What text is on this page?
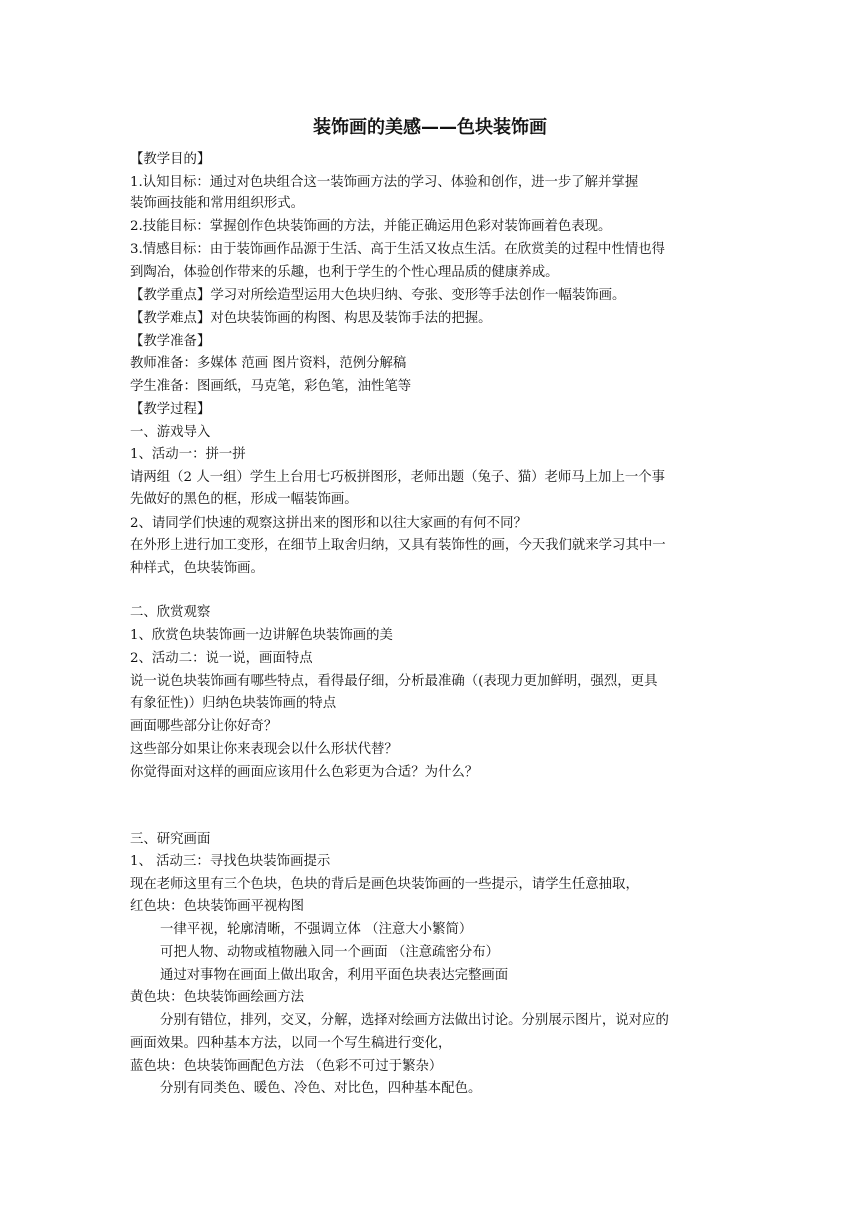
装饰画的美感——色块装饰画
【教学目的】
1.认知目标：通过对色块组合这一装饰画方法的学习、体验和创作，进一步了解并掌握
装饰画技能和常用组织形式。
2.技能目标：掌握创作色块装饰画的方法，并能正确运用色彩对装饰画着色表现。
3.情感目标：由于装饰画作品源于生活、高于生活又妆点生活。在欣赏美的过程中性情也得
到陶冶，体验创作带来的乐趣，也利于学生的个性心理品质的健康养成。
【教学重点】学习对所绘造型运用大色块归纳、夸张、变形等手法创作一幅装饰画。
【教学难点】对色块装饰画的构图、构思及装饰手法的把握。
【教学准备】
教师准备：多媒体 范画 图片资料，范例分解稿
学生准备：图画纸，马克笔，彩色笔，油性笔等
【教学过程】
一、游戏导入
1、活动一：拼一拼
请两组（2 人一组）学生上台用七巧板拼图形，老师出题（兔子、猫）老师马上加上一个事
先做好的黑色的框，形成一幅装饰画。
2、请同学们快速的观察这拼出来的图形和以往大家画的有何不同？
在外形上进行加工变形，在细节上取舍归纳，又具有装饰性的画，今天我们就来学习其中一
种样式，色块装饰画。
二、欣赏观察
1、欣赏色块装饰画一边讲解色块装饰画的美
2、活动二：说一说，画面特点
说一说色块装饰画有哪些特点，看得最仔细，分析最准确（(表现力更加鲜明，强烈，更具
有象征性)）归纳色块装饰画的特点
画面哪些部分让你好奇？
这些部分如果让你来表现会以什么形状代替？
你觉得面对这样的画面应该用什么色彩更为合适？为什么？
三、研究画面
1、 活动三：寻找色块装饰画提示
现在老师这里有三个色块，色块的背后是画色块装饰画的一些提示，请学生任意抽取，
红色块：色块装饰画平视构图
一律平视，轮廓清晰，不强调立体 （注意大小繁简）
可把人物、动物或植物融入同一个画面 （注意疏密分布）
通过对事物在画面上做出取舍，利用平面色块表达完整画面
黄色块：色块装饰画绘画方法
分别有错位，排列，交叉，分解，选择对绘画方法做出讨论。分别展示图片，说对应的
画面效果。四种基本方法，以同一个写生稿进行变化，
蓝色块：色块装饰画配色方法 （色彩不可过于繁杂）
分别有同类色、暖色、冷色、对比色，四种基本配色。
